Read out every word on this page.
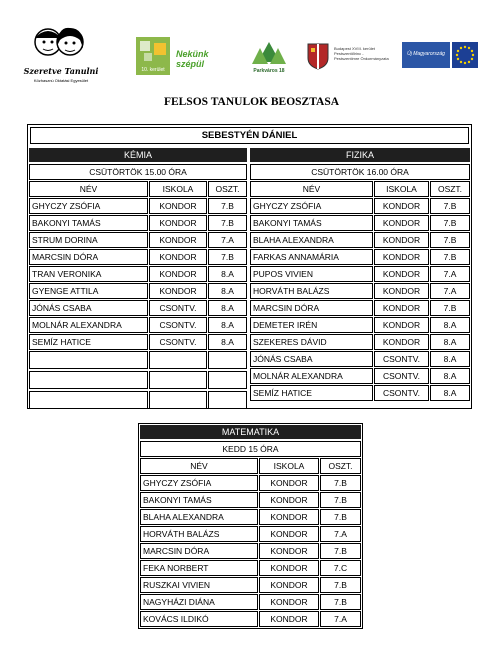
Szeretve Tanulni
Közhasznú Oktatási Egyesület
10. kerület
Nekünk szépül
Parkváros 18
Budapest XVIII. kerület Pestszentlőrinc - Pestszentimre Önkormányzata
Új Magyarország
FELSOS TANULOK BEOSZTASA
SEBESTYÉN DÁNIEL
KÉMIA
CSÜTÖRTÖK 15.00 ÓRA
NÉV	ISKOLA	OSZT.
GHYCZY ZSÓFIA	KONDOR	7.B
BAKONYI TAMÁS	KONDOR	7.B
STRUM DORINA	KONDOR	7.A
MARCSIN DÓRA	KONDOR	7.B
TRAN VERONIKA	KONDOR	8.A
GYENGE ATTILA	KONDOR	8.A
JÓNÁS CSABA	CSONTV.	8.A
MOLNÁR ALEXANDRA	CSONTV.	8.A
SEMÍZ HATICE	CSONTV.	8.A
FIZIKA
CSÜTÖRTÖK 16.00 ÓRA
NÉV	ISKOLA	OSZT.
GHYCZY ZSÓFIA	KONDOR	7.B
BAKONYI TAMÁS	KONDOR	7.B
BLAHA ALEXANDRA	KONDOR	7.B
FARKAS ANNAMÁRIA	KONDOR	7.B
PUPOS VIVIEN	KONDOR	7.A
HORVÁTH BALÁZS	KONDOR	7.A
MARCSIN DÓRA	KONDOR	7.B
DEMETER IRÉN	KONDOR	8.A
SZEKERES DÁVID	KONDOR	8.A
JÓNÁS CSABA	CSONTV.	8.A
MOLNÁR ALEXANDRA	CSONTV.	8.A
SEMÍZ HATICE	CSONTV.	8.A
MATEMATIKA
KEDD 15 ÓRA
NÉV	ISKOLA	OSZT.
GHYCZY ZSÓFIA	KONDOR	7.B
BAKONYI TAMÁS	KONDOR	7.B
BLAHA ALEXANDRA	KONDOR	7.B
HORVÁTH BALÁZS	KONDOR	7.A
MARCSIN DÓRA	KONDOR	7.B
FEKA NORBERT	KONDOR	7.C
RUSZKAI VIVIEN	KONDOR	7.B
NAGYHÁZI DIÁNA	KONDOR	7.B
KOVÁCS ILDIKÓ	KONDOR	7.A
